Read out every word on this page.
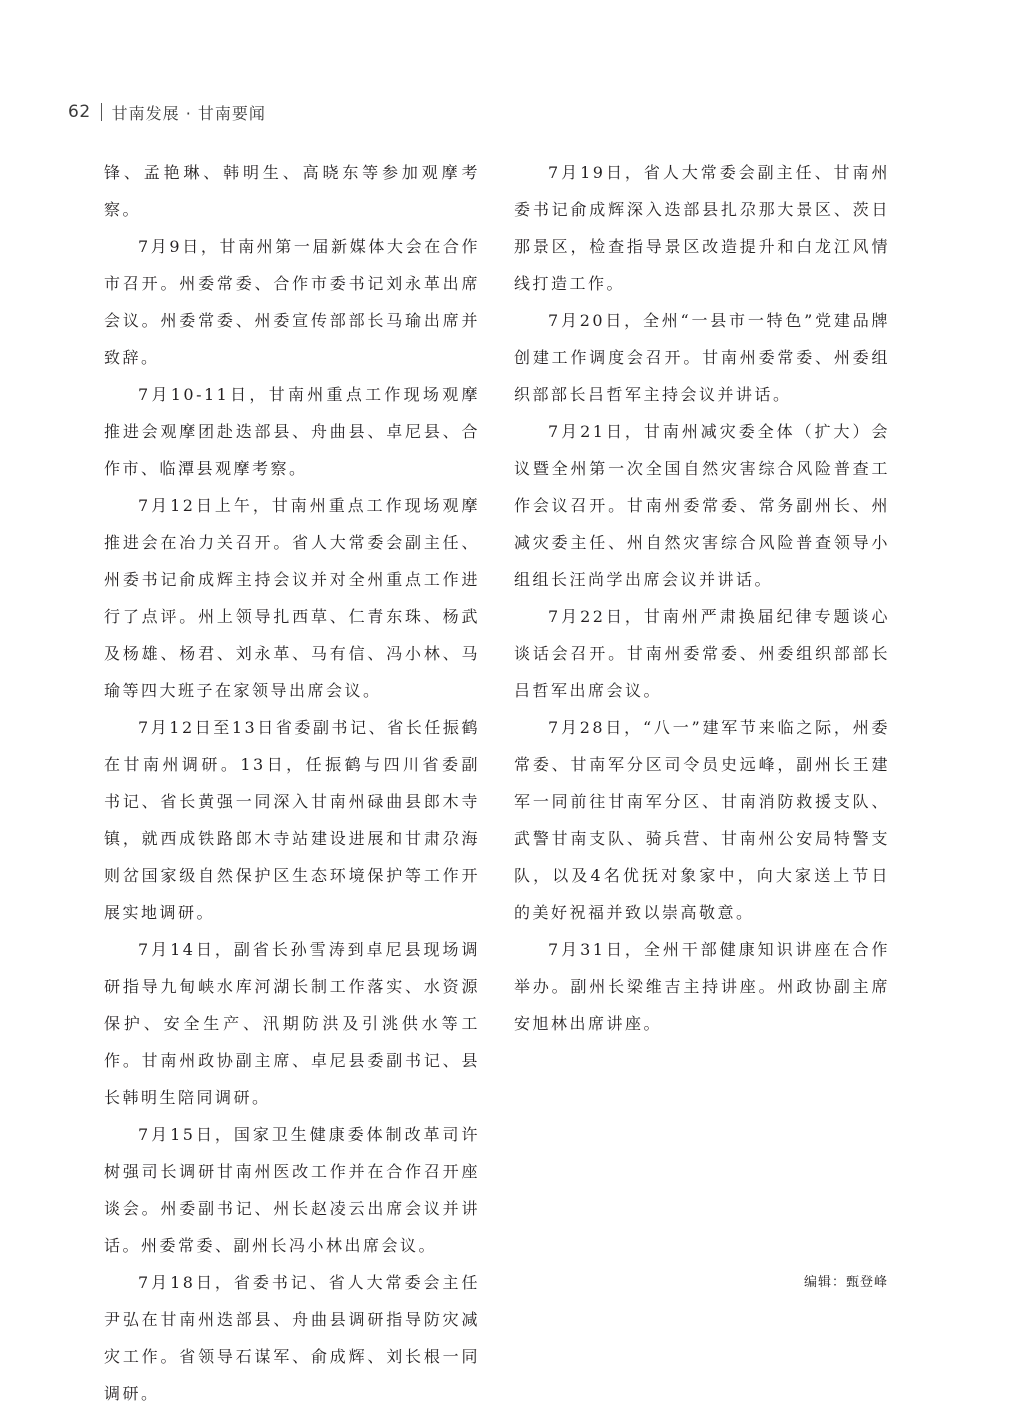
62 甘南发展 · 甘南要闻

锋、孟艳琳、韩明生、高晓东等参加观摩考察。

7月9日，甘南州第一届新媒体大会在合作市召开。州委常委、合作市委书记刘永革出席会议。州委常委、州委宣传部部长马瑜出席并致辞。

7月10-11日，甘南州重点工作现场观摩推进会观摩团赴迭部县、舟曲县、卓尼县、合作市、临潭县观摩考察。

7月12日上午，甘南州重点工作现场观摩推进会在冶力关召开。省人大常委会副主任、州委书记俞成辉主持会议并对全州重点工作进行了点评。州上领导扎西草、仁青东珠、杨武及杨雄、杨君、刘永革、马有信、冯小林、马瑜等四大班子在家领导出席会议。

7月12日至13日省委副书记、省长任振鹤在甘南州调研。13日，任振鹤与四川省委副书记、省长黄强一同深入甘南州碌曲县郎木寺镇，就西成铁路郎木寺站建设进展和甘肃尕海则岔国家级自然保护区生态环境保护等工作开展实地调研。

7月14日，副省长孙雪涛到卓尼县现场调研指导九甸峡水库河湖长制工作落实、水资源保护、安全生产、汛期防洪及引洮供水等工作。甘南州政协副主席、卓尼县委副书记、县长韩明生陪同调研。

7月15日，国家卫生健康委体制改革司许树强司长调研甘南州医改工作并在合作召开座谈会。州委副书记、州长赵凌云出席会议并讲话。州委常委、副州长冯小林出席会议。

7月18日，省委书记、省人大常委会主任尹弘在甘南州迭部县、舟曲县调研指导防灾减灾工作。省领导石谋军、俞成辉、刘长根一同调研。

7月19日，省人大常委会副主任、甘南州委书记俞成辉深入迭部县扎尕那大景区、茨日那景区，检查指导景区改造提升和白龙江风情线打造工作。

7月20日，全州“一县市一特色”党建品牌创建工作调度会召开。甘南州委常委、州委组织部部长吕哲军主持会议并讲话。

7月21日，甘南州减灾委全体（扩大）会议暨全州第一次全国自然灾害综合风险普查工作会议召开。甘南州委常委、常务副州长、州减灾委主任、州自然灾害综合风险普查领导小组组长汪尚学出席会议并讲话。

7月22日，甘南州严肃换届纪律专题谈心谈话会召开。甘南州委常委、州委组织部部长吕哲军出席会议。

7月28日，“八一”建军节来临之际，州委常委、甘南军分区司令员史远峰，副州长王建军一同前往甘南军分区、甘南消防救援支队、武警甘南支队、骑兵营、甘南州公安局特警支队，以及4名优抚对象家中，向大家送上节日的美好祝福并致以崇高敬意。

7月31日，全州干部健康知识讲座在合作举办。副州长梁维吉主持讲座。州政协副主席安旭林出席讲座。

编辑：甄登峰
